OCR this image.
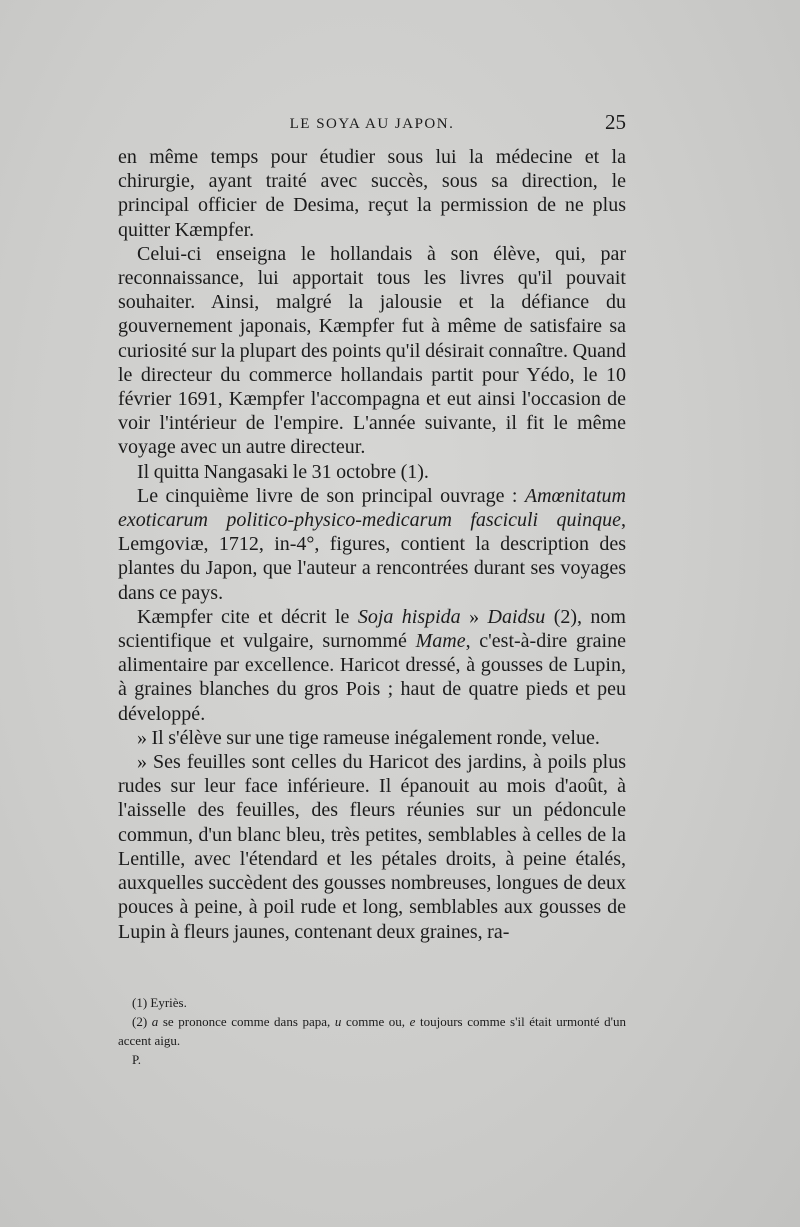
LE SOYA AU JAPON.	25

en même temps pour étudier sous lui la médecine et la chirurgie, ayant traité avec succès, sous sa direction, le principal officier de Desima, reçut la permission de ne plus quitter Kæmpfer.

Celui-ci enseigna le hollandais à son élève, qui, par reconnaissance, lui apportait tous les livres qu'il pouvait souhaiter. Ainsi, malgré la jalousie et la défiance du gouvernement japonais, Kæmpfer fut à même de satisfaire sa curiosité sur la plupart des points qu'il désirait connaître. Quand le directeur du commerce hollandais partit pour Yédo, le 10 février 1691, Kæmpfer l'accompagna et eut ainsi l'occasion de voir l'intérieur de l'empire. L'année suivante, il fit le même voyage avec un autre directeur.

Il quitta Nangasaki le 31 octobre (1).

Le cinquième livre de son principal ouvrage : Amœnitatum exoticarum politico-physico-medicarum fasciculi quinque, Lemgoviæ, 1712, in-4°, figures, contient la description des plantes du Japon, que l'auteur a rencontrées durant ses voyages dans ce pays.

Kæmpfer cite et décrit le Soja hispida » Daidsu (2), nom scientifique et vulgaire, surnommé Mame, c'est-à-dire graine alimentaire par excellence. Haricot dressé, à gousses de Lupin, à graines blanches du gros Pois ; haut de quatre pieds et peu développé.

» Il s'élève sur une tige rameuse inégalement ronde, velue.

» Ses feuilles sont celles du Haricot des jardins, à poils plus rudes sur leur face inférieure. Il épanouit au mois d'août, à l'aisselle des feuilles, des fleurs réunies sur un pédoncule commun, d'un blanc bleu, très petites, semblables à celles de la Lentille, avec l'étendard et les pétales droits, à peine étalés, auxquelles succèdent des gousses nombreuses, longues de deux pouces à peine, à poil rude et long, semblables aux gousses de Lupin à fleurs jaunes, contenant deux graines, ra-

(1) Eyriès.

(2) a se prononce comme dans papa, u comme ou, e toujours comme s'il était urmonté d'un accent aigu.

P.
